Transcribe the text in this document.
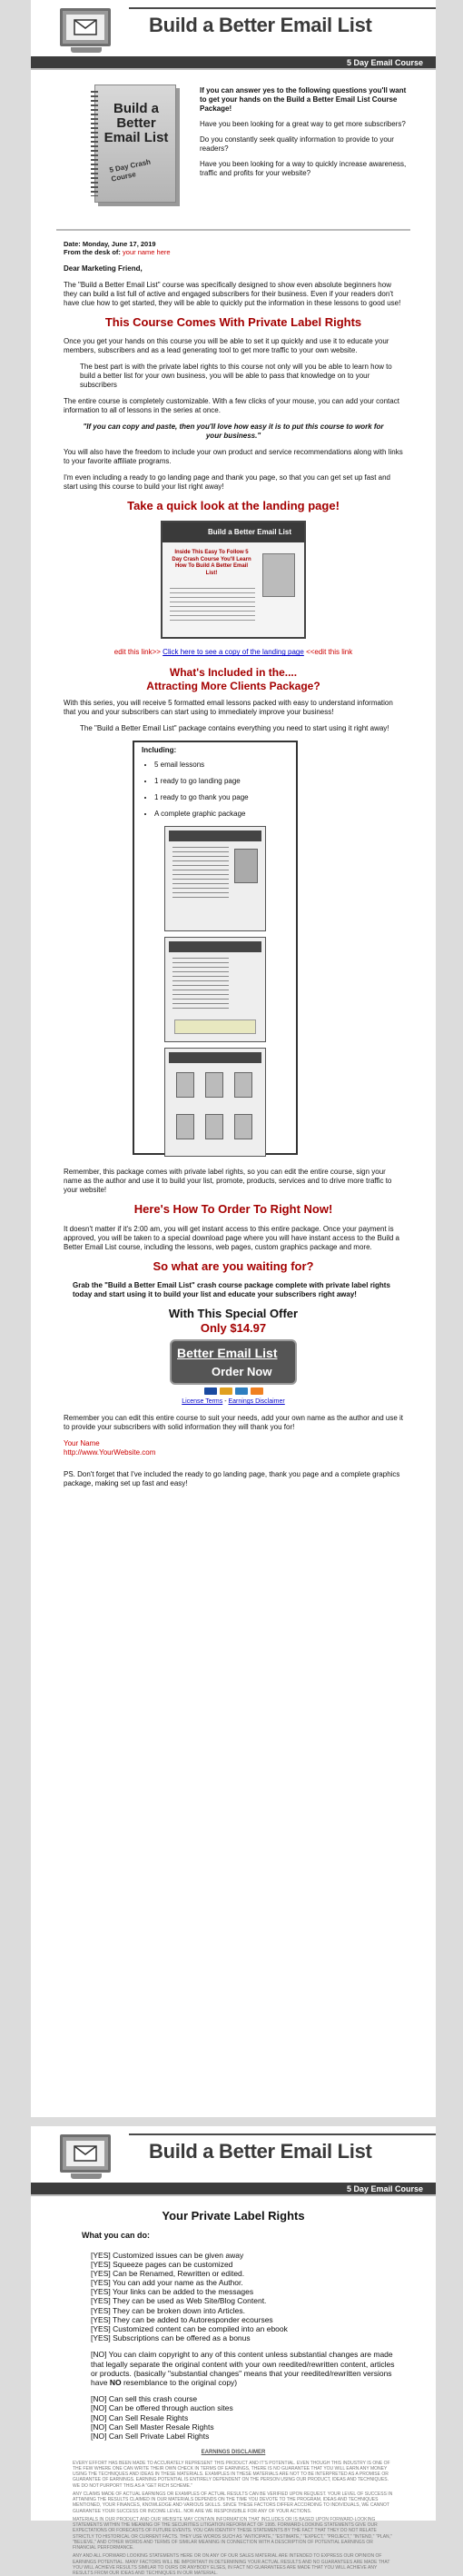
Build a Better Email List
5 Day Email Course
Build a Better Email List
5 Day Crash Course

If you can answer yes to the following questions you'll want to get your hands on the Build a Better Email List Course Package!

Have you been looking for a great way to get more subscribers?

Do you constantly seek quality information to provide to your readers?

Have you been looking for a way to quickly increase awareness, traffic and profits for your website?

Date: Monday, June 17, 2019
From the desk of: your name here

Dear Marketing Friend,

The "Build a Better Email List" course was specifically designed to show even absolute beginners how they can build a list full of active and engaged subscribers for their business. Even if your readers don't have clue how to get started, they will be able to quickly put the information in these lessons to good use!

This Course Comes With Private Label Rights

Once you get your hands on this course you will be able to set it up quickly and use it to educate your members, subscribers and as a lead generating tool to get more traffic to your own website.

The best part is with the private label rights to this course not only will you be able to learn how to build a better list for your own business, you will be able to pass that knowledge on to your subscribers

The entire course is completely customizable. With a few clicks of your mouse, you can add your contact information to all of lessons in the series at once.

"If you can copy and paste, then you'll love how easy it is to put this course to work for your business."

You will also have the freedom to include your own product and service recommendations along with links to your favorite affiliate programs.

I'm even including a ready to go landing page and thank you page, so that you can get set up fast and start using this course to build your list right away!

Take a quick look at the landing page!
Build a Better Email List
Inside This Easy To Follow 5 Day Crash Course You'll Learn How To Build A Better Email List!

edit this link>> Click here to see a copy of the landing page <<edit this link

What's Included in the....
Attracting More Clients Package?

With this series, you will receive 5 formatted email lessons packed with easy to understand information that you and your subscribers can start using to immediately improve your business!

The "Build a Better Email List" package contains everything you need to start using it right away!

Including:
• 5 email lessons
• 1 ready to go landing page
• 1 ready to go thank you page
• A complete graphic package

Remember, this package comes with private label rights, so you can edit the entire course, sign your name as the author and use it to build your list, promote, products, services and to drive more traffic to your website!

Here's How To Order To Right Now!

It doesn't matter if it's 2:00 am, you will get instant access to this entire package. Once your payment is approved, you will be taken to a special download page where you will have instant access to the Build a Better Email List course, including the lessons, web pages, custom graphics package and more.

So what are you waiting for?

Grab the "Build a Better Email List" crash course package complete with private label rights today and start using it to build your list and educate your subscribers right away!

With This Special Offer
Only $14.97
Better Email List
Order Now

License Terms - Earnings Disclaimer

Remember you can edit this entire course to suit your needs, add your own name as the author and use it to provide your subscribers with solid information they will thank you for!

Your Name
http://www.YourWebsite.com

PS. Don't forget that I've included the ready to go landing page, thank you page and a complete graphics package, making set up fast and easy!

Build a Better Email List
5 Day Email Course
Your Private Label Rights
What you can do:
[YES] Customized issues can be given away
[YES] Squeeze pages can be customized
[YES] Can be Renamed, Rewritten or edited.
[YES] You can add your name as the Author.
[YES] Your links can be added to the messages
[YES] They can be used as Web Site/Blog Content.
[YES] They can be broken down into Articles.
[YES] They can be added to Autoresponder ecourses
[YES] Customized content can be compiled into an ebook
[YES] Subscriptions can be offered as a bonus
[NO] You can claim copyright to any of this content unless substantial changes are made that legally separate the original content with your own reedited/rewritten content, articles or products. (basically "substantial changes" means that your reedited/rewritten versions have NO resemblance to the original copy)
[NO] Can sell this crash course
[NO] Can be offered through auction sites
[NO] Can Sell Resale Rights
[NO] Can Sell Master Resale Rights
[NO] Can Sell Private Label Rights
EARNINGS DISCLAIMER

EVERY EFFORT HAS BEEN MADE TO ACCURATELY REPRESENT THIS PRODUCT AND IT'S POTENTIAL. EVEN THOUGH THIS INDUSTRY IS ONE OF THE FEW WHERE ONE CAN WRITE THEIR OWN CHECK IN TERMS OF EARNINGS, THERE IS NO GUARANTEE THAT YOU WILL EARN ANY MONEY USING THE TECHNIQUES AND IDEAS IN THESE MATERIALS. EXAMPLES IN THESE MATERIALS ARE NOT TO BE INTERPRETED AS A PROMISE OR GUARANTEE OF EARNINGS. EARNING POTENTIAL IS ENTIRELY DEPENDENT ON THE PERSON USING OUR PRODUCT, IDEAS AND TECHNIQUES. WE DO NOT PURPORT THIS AS A "GET RICH SCHEME."

ANY CLAIMS MADE OF ACTUAL EARNINGS OR EXAMPLES OF ACTUAL RESULTS CAN BE VERIFIED UPON REQUEST. YOUR LEVEL OF SUCCESS IN ATTAINING THE RESULTS CLAIMED IN OUR MATERIALS DEPENDS ON THE TIME YOU DEVOTE TO THE PROGRAM, IDEAS AND TECHNIQUES MENTIONED, YOUR FINANCES, KNOWLEDGE AND VARIOUS SKILLS. SINCE THESE FACTORS DIFFER ACCORDING TO INDIVIDUALS, WE CANNOT GUARANTEE YOUR SUCCESS OR INCOME LEVEL. NOR ARE WE RESPONSIBLE FOR ANY OF YOUR ACTIONS.

MATERIALS IN OUR PRODUCT AND OUR WEBSITE MAY CONTAIN INFORMATION THAT INCLUDES OR IS BASED UPON FORWARD-LOOKING STATEMENTS WITHIN THE MEANING OF THE SECURITIES LITIGATION REFORM ACT OF 1995. FORWARD-LOOKING STATEMENTS GIVE OUR EXPECTATIONS OR FORECASTS OF FUTURE EVENTS. YOU CAN IDENTIFY THESE STATEMENTS BY THE FACT THAT THEY DO NOT RELATE STRICTLY TO HISTORICAL OR CURRENT FACTS. THEY USE WORDS SUCH AS "ANTICIPATE," "ESTIMATE," "EXPECT," "PROJECT," "INTEND," "PLAN," "BELIEVE," AND OTHER WORDS AND TERMS OF SIMILAR MEANING IN CONNECTION WITH A DESCRIPTION OF POTENTIAL EARNINGS OR FINANCIAL PERFORMANCE.

ANY AND ALL FORWARD LOOKING STATEMENTS HERE OR ON ANY OF OUR SALES MATERIAL ARE INTENDED TO EXPRESS OUR OPINION OF EARNINGS POTENTIAL. MANY FACTORS WILL BE IMPORTANT IN DETERMINING YOUR ACTUAL RESULTS AND NO GUARANTEES ARE MADE THAT YOU WILL ACHIEVE RESULTS SIMILAR TO OURS OR ANYBODY ELSES, IN FACT NO GUARANTEES ARE MADE THAT YOU WILL ACHIEVE ANY RESULTS FROM OUR IDEAS AND TECHNIQUES IN OUR MATERIAL.
